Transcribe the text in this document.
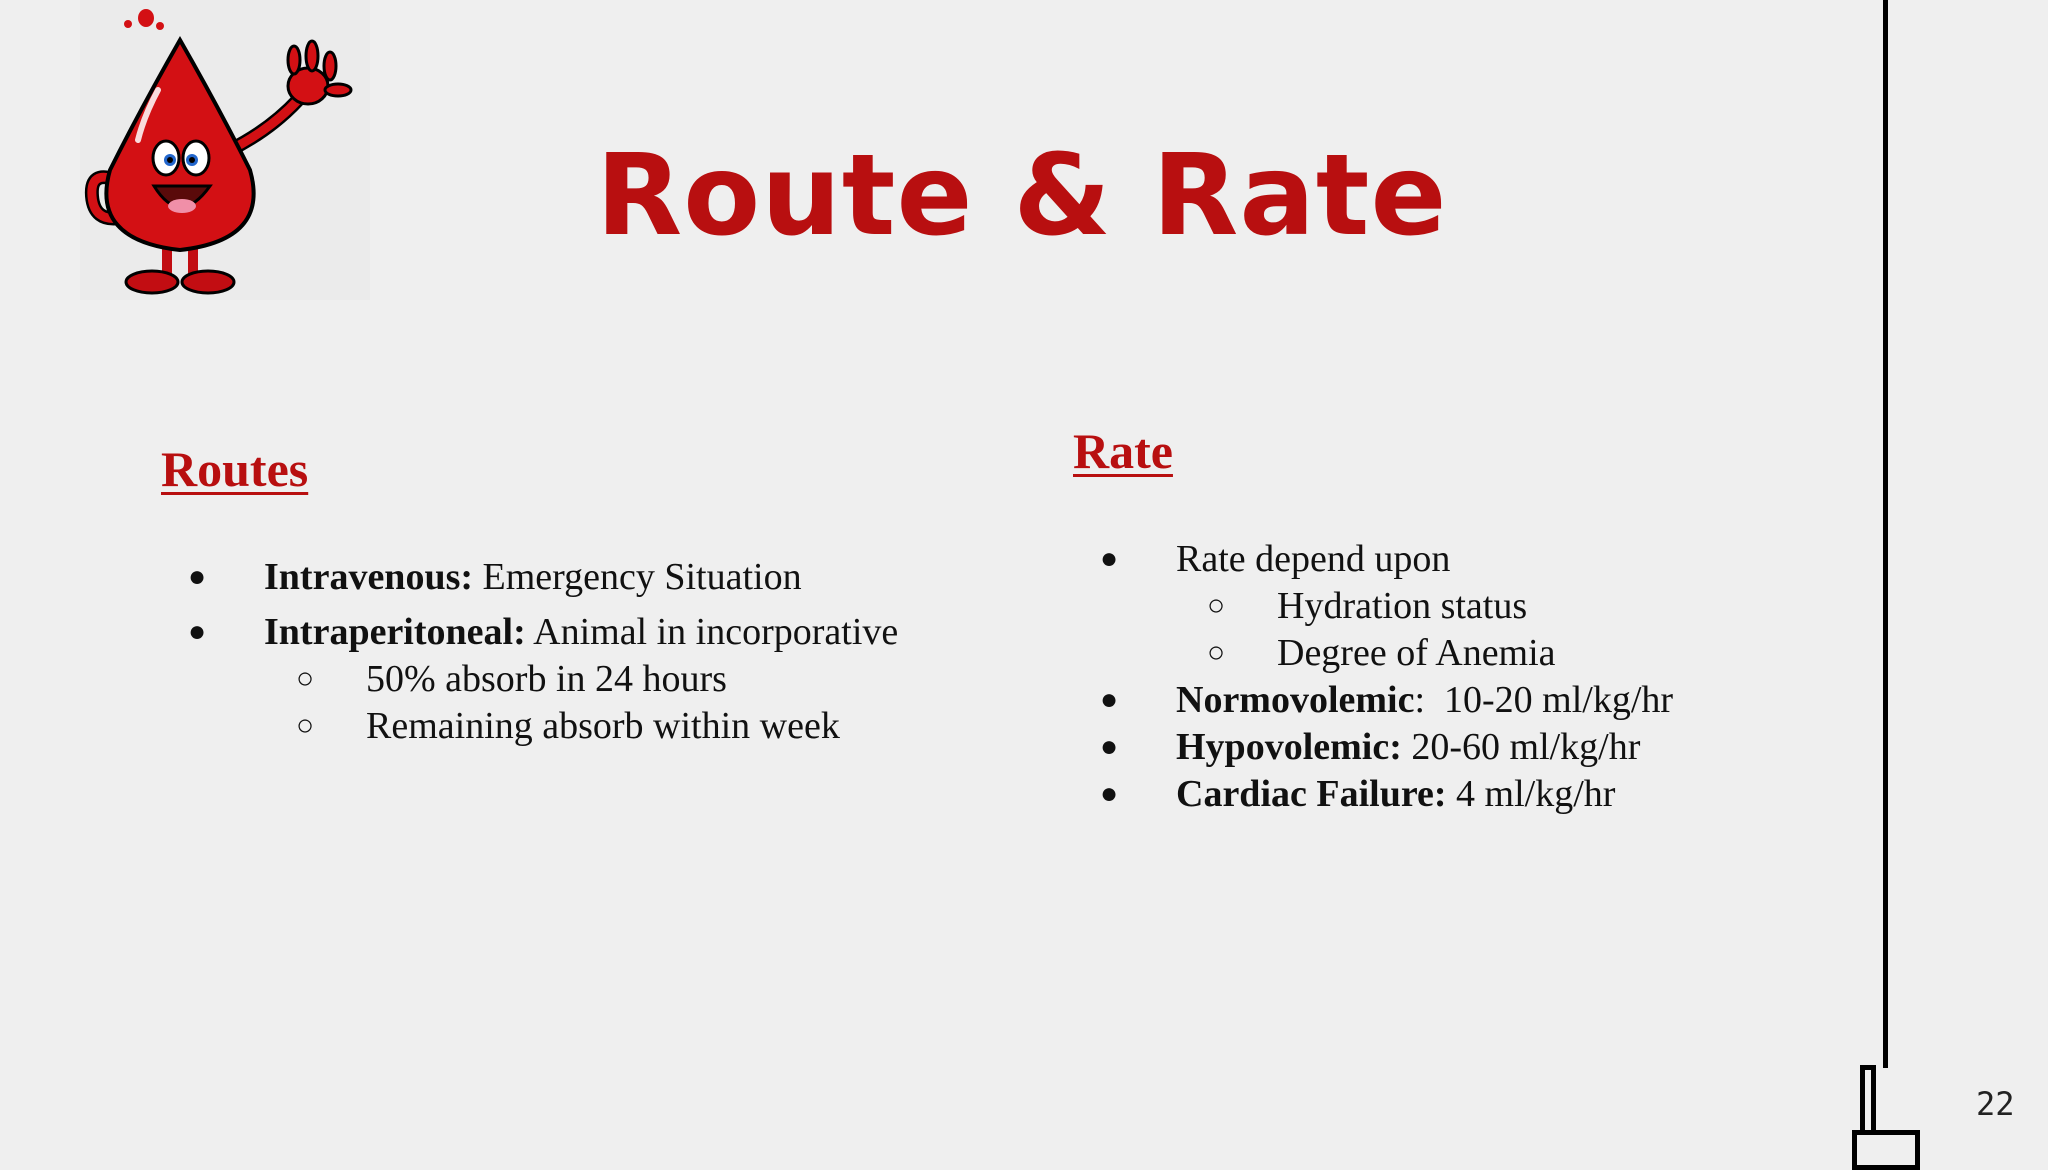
Route & Rate
Routes
● Intravenous: Emergency Situation
● Intraperitoneal: Animal in incorporative
○ 50% absorb in 24 hours
○ Remaining absorb within week
Rate
● Rate depend upon
○ Hydration status
○ Degree of Anemia
● Normovolemic:  10-20 ml/kg/hr
● Hypovolemic: 20-60 ml/kg/hr
● Cardiac Failure: 4 ml/kg/hr
22
